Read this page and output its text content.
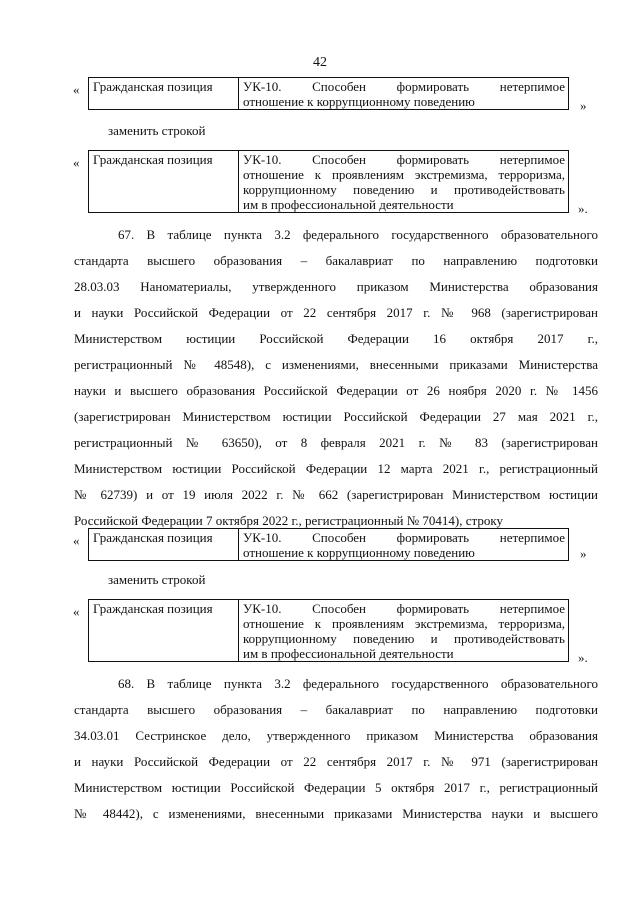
42
« Гражданская позиция	УК-10. Способен формировать нетерпимое
отношение к коррупционному поведению	»
заменить строкой
« Гражданская позиция	УК-10. Способен формировать нетерпимое
отношение к проявлениям экстремизма, терроризма,
коррупционному поведению и противодействовать
им в профессиональной деятельности	».
67. В таблице пункта 3.2 федерального государственного образовательного
стандарта высшего образования – бакалавриат по направлению подготовки
28.03.03 Наноматериалы, утвержденного приказом Министерства образования
и науки Российской Федерации от 22 сентября 2017 г. № 968 (зарегистрирован
Министерством юстиции Российской Федерации 16 октября 2017 г.,
регистрационный № 48548), с изменениями, внесенными приказами Министерства
науки и высшего образования Российской Федерации от 26 ноября 2020 г. № 1456
(зарегистрирован Министерством юстиции Российской Федерации 27 мая 2021 г.,
регистрационный № 63650), от 8 февраля 2021 г. № 83 (зарегистрирован
Министерством юстиции Российской Федерации 12 марта 2021 г., регистрационный
№ 62739) и от 19 июля 2022 г. № 662 (зарегистрирован Министерством юстиции
Российской Федерации 7 октября 2022 г., регистрационный № 70414), строку
« Гражданская позиция	УК-10. Способен формировать нетерпимое
отношение к коррупционному поведению	»
заменить строкой
« Гражданская позиция	УК-10. Способен формировать нетерпимое
отношение к проявлениям экстремизма, терроризма,
коррупционному поведению и противодействовать
им в профессиональной деятельности	».
68. В таблице пункта 3.2 федерального государственного образовательного
стандарта высшего образования – бакалавриат по направлению подготовки
34.03.01 Сестринское дело, утвержденного приказом Министерства образования
и науки Российской Федерации от 22 сентября 2017 г. № 971 (зарегистрирован
Министерством юстиции Российской Федерации 5 октября 2017 г., регистрационный
№ 48442), с изменениями, внесенными приказами Министерства науки и высшего
